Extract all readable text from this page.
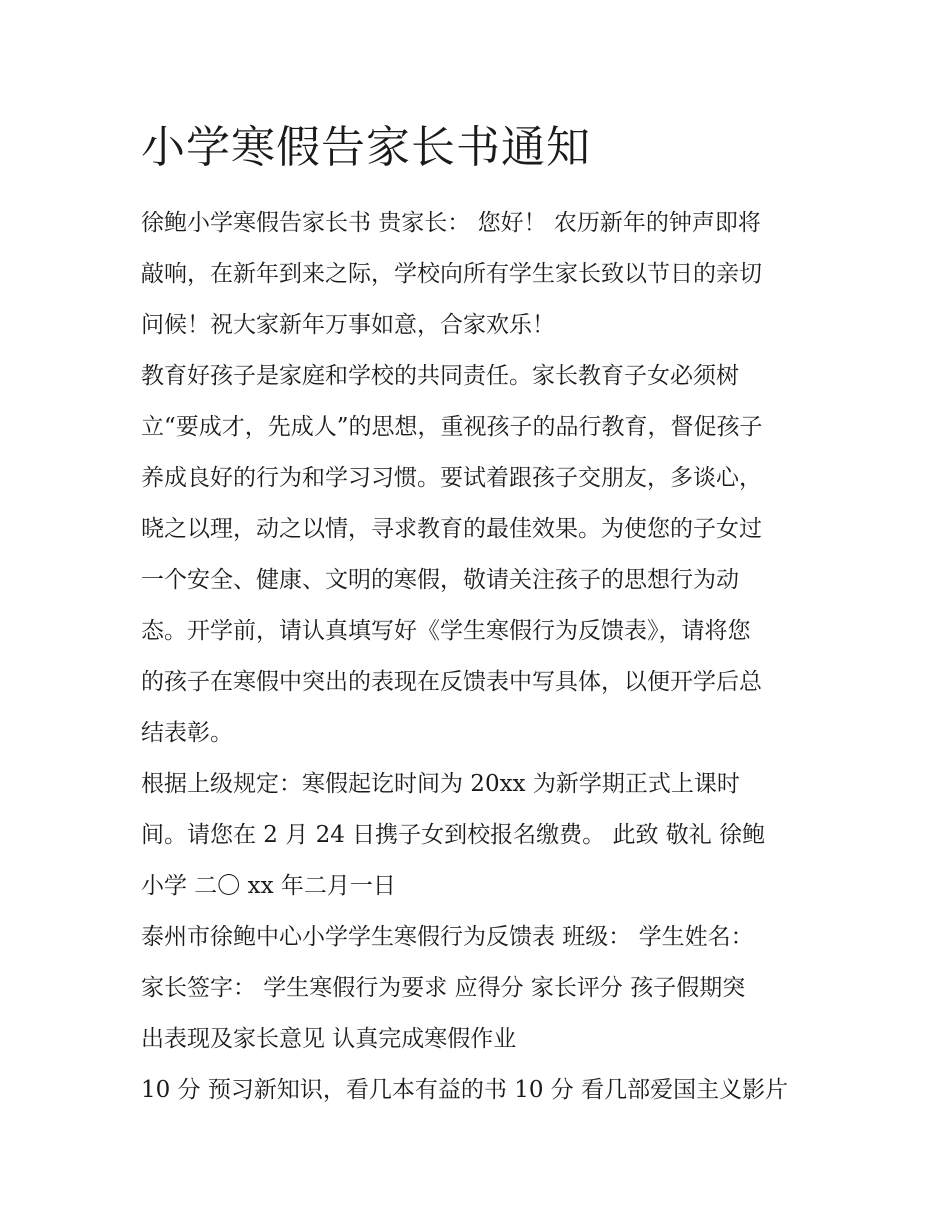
小学寒假告家长书通知

徐鲍小学寒假告家长书 贵家长： 您好！ 农历新年的钟声即将
敲响，在新年到来之际，学校向所有学生家长致以节日的亲切
问候！祝大家新年万事如意，合家欢乐！

教育好孩子是家庭和学校的共同责任。家长教育子女必须树
立“要成才，先成人”的思想，重视孩子的品行教育，督促孩子
养成良好的行为和学习习惯。要试着跟孩子交朋友，多谈心，
晓之以理，动之以情，寻求教育的最佳效果。为使您的子女过
一个安全、健康、文明的寒假，敬请关注孩子的思想行为动
态。开学前，请认真填写好《学生寒假行为反馈表》，请将您
的孩子在寒假中突出的表现在反馈表中写具体，以便开学后总
结表彰。

根据上级规定：寒假起讫时间为 20xx 为新学期正式上课时
间。请您在 2 月 24 日携子女到校报名缴费。 此致 敬礼 徐鲍
小学 二〇 xx 年二月一日

泰州市徐鲍中心小学学生寒假行为反馈表 班级： 学生姓名：
家长签字： 学生寒假行为要求 应得分 家长评分 孩子假期突
出表现及家长意见 认真完成寒假作业

10 分 预习新知识，看几本有益的书 10 分 看几部爱国主义影片
